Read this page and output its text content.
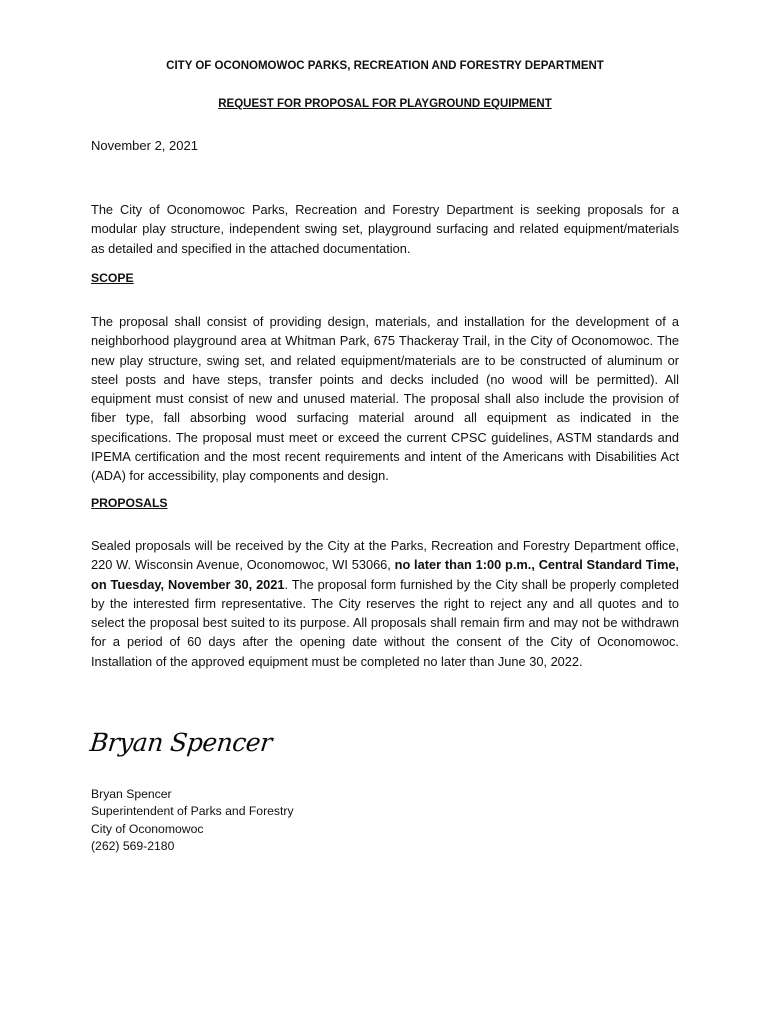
CITY OF OCONOMOWOC PARKS, RECREATION AND FORESTRY DEPARTMENT
REQUEST FOR PROPOSAL FOR PLAYGROUND EQUIPMENT
November 2, 2021
The City of Oconomowoc Parks, Recreation and Forestry Department is seeking proposals for a modular play structure, independent swing set, playground surfacing and related equipment/materials as detailed and specified in the attached documentation.
SCOPE
The proposal shall consist of providing design, materials, and installation for the development of a neighborhood playground area at Whitman Park, 675 Thackeray Trail, in the City of Oconomowoc. The new play structure, swing set, and related equipment/materials are to be constructed of aluminum or steel posts and have steps, transfer points and decks included (no wood will be permitted). All equipment must consist of new and unused material. The proposal shall also include the provision of fiber type, fall absorbing wood surfacing material around all equipment as indicated in the specifications. The proposal must meet or exceed the current CPSC guidelines, ASTM standards and IPEMA certification and the most recent requirements and intent of the Americans with Disabilities Act (ADA) for accessibility, play components and design.
PROPOSALS
Sealed proposals will be received by the City at the Parks, Recreation and Forestry Department office, 220 W. Wisconsin Avenue, Oconomowoc, WI 53066, no later than 1:00 p.m., Central Standard Time, on Tuesday, November 30, 2021. The proposal form furnished by the City shall be properly completed by the interested firm representative. The City reserves the right to reject any and all quotes and to select the proposal best suited to its purpose. All proposals shall remain firm and may not be withdrawn for a period of 60 days after the opening date without the consent of the City of Oconomowoc. Installation of the approved equipment must be completed no later than June 30, 2022.
Bryan Spencer
Bryan Spencer
Superintendent of Parks and Forestry
City of Oconomowoc
(262) 569-2180
